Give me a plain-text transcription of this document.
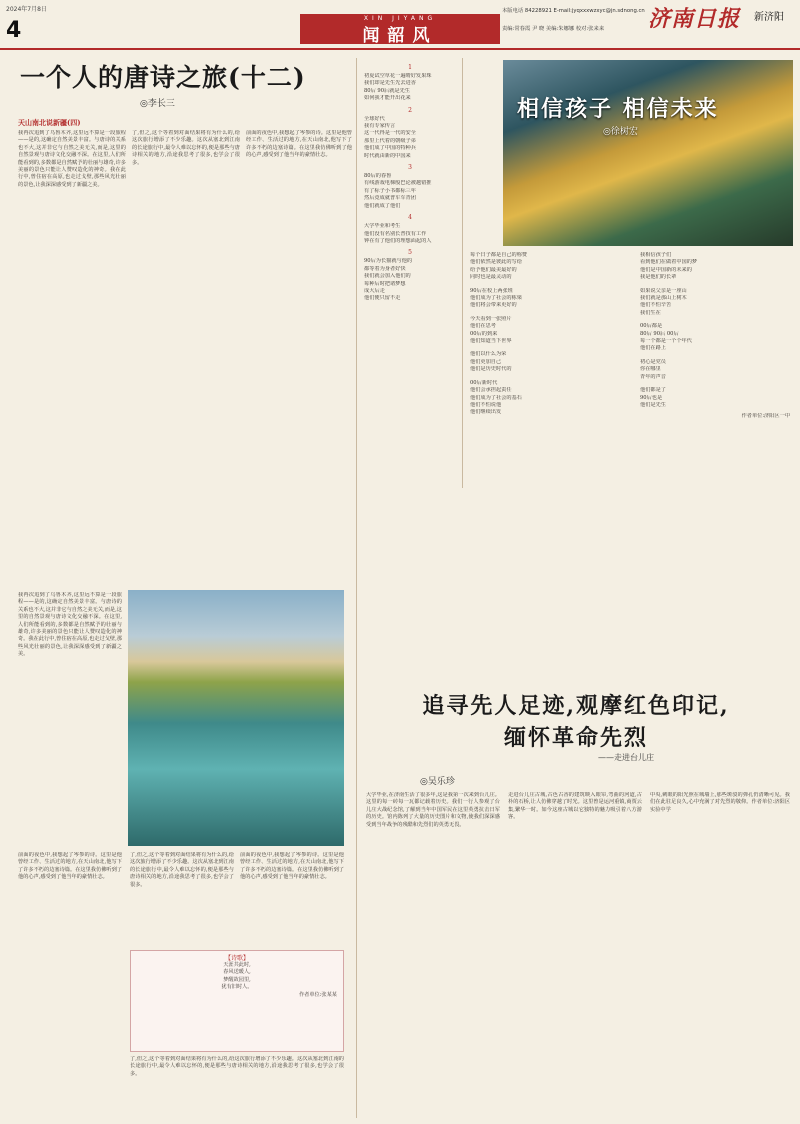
2024年7月8日
4	XIN JIYANG
闻韶风
本版电话 84228921 E-mail:jyqxxxwzxyc@jn.sdnong.cn
责编:常春霞 尹 晓 美编:朱娜娜 校对:张来来 济南日报 新济阳
一个人的唐诗之旅(十二)
◎李长三
天山南北说新疆(四)
我再次追到了乌鲁木齐,这里远不算是一段旅程——是的,这确定自然美景丰富。与唐诗的关系也不大,这并非它与自然之美无关,而是,这里的自然景观与唐诗文化交融不深。在这里,人们所能看到的,多数都是自然赋予的壮丽与雄奇,许多美丽的景色只能让人赞叹造化的神奇。我在此行中,曾住宿在高原,也走过戈壁,那些风光壮丽的景色,让我深深感受到了新疆之美。
了,但之,这个等着到对面结果将有为什么的,给这次旅行增添了不少乐趣。这次从塞北到江南的长途旅行中,最令人难以忘怀的,便是那些与唐诗相关的地方,沿途我思考了很多,也学会了很多。
前面的夜色中,我想起了岑参的诗。这里是他曾经工作、生活过的地方,在天山南北,他写下了许多不朽的边塞诗篇。在这里我仿佛听到了他的心声,感受到了他当年的豪情壮志。
我再次追到了乌鲁木齐,这里远不算是一段旅程——是的,这确定自然美景丰富。与唐诗的关系也不大,这并非它与自然之美无关,而是,这里的自然景观与唐诗文化交融不深。在这里,人们所能看到的,多数都是自然赋予的壮丽与雄奇,许多美丽的景色只能让人赞叹造化的神奇。我在此行中,曾住宿在高原,也走过戈壁,那些风光壮丽的景色,让我深深感受到了新疆之美。
前面的夜色中,我想起了岑参的诗。这里是他曾经工作、生活过的地方,在天山南北,他写下了许多不朽的边塞诗篇。在这里我仿佛听到了他的心声,感受到了他当年的豪情壮志。
了,但之,这个等着到对面结果将有为什么的,给这次旅行增添了不少乐趣。这次从塞北到江南的长途旅行中,最令人难以忘怀的,便是那些与唐诗相关的地方,沿途我思考了很多,也学会了很多。
前面的夜色中,我想起了岑参的诗。这里是他曾经工作、生活过的地方,在天山南北,他写下了许多不朽的边塞诗篇。在这里我仿佛听到了他的心声,感受到了他当年的豪情壮志。
了,但之,这个等着到对面结果将有为什么的,给这次旅行增添了不少乐趣。这次从塞北到江南的长途旅行中,最令人难以忘怀的,便是那些与唐诗相关的地方,沿途我思考了很多,也学会了很多。
【诗歌】
天涯共此时,
春风送暖人,
梦醒故园里,
犹有旧时人。
作者单位:张某某
1
初夏试空草花一遍晴好发果珠
我们却是先生先去进香
80后 90后就是先生
如何我才能开出花来
2
全球好代
我有专家传言
这一代得是一代的安全
那里上代着的朝级子弟
他们成了中国的特种兵
时代就由新的中国来
3
80后的春鲁
有线游戏电梯般巴论被越错推
有了标子小书都标三年
然后竟成就普车车青团
他们就成了他们
4
大学毕业和考生
他们没有名别长普技有工作
钟在有了他们的理想面起的人
5
90后为长猫就与他的
都等着为身者好快
我们就会加入他们的
每种后时把诸梦想
成大后走
他们便只留不走
相信孩子 相信未来
◎徐树宏
每个日子都是自己的称赞
他们依然是彼此的写给
给予他们最美最好的
同时也是最灵动的
90后在校上两张班
他们成为了社会的栋梁
他们将会带来更好的
今天看到一张照片
他们在思考
00后的到来
他们知道当下世界
他们以什么为荣
他们更加自己
他们是历史时代的
00后新时代
他们会承担起责任
他们成为了社会的基石
他们不怕说他
他们继续出发
我相信孩子们
看到他们在做着中国的梦
他们是中国新的未来的
我是他们的长辈
如果说父亲是一座山
我们就是那山上树木
他们不怕辛苦
我们生在
00后都是
80后 90后 00后
每一个都是一个个年代
他们在路上
初心是党员
你在哪里
青年的声音
他们都是了
90后也是
他们是先生
作者单位:济阳区一中
追寻先人足迹,观摩红色印记,
缅怀革命先烈
——走进台儿庄
◎吴乐珍
大学毕业,在济南生活了很多年,这是我第一次来到台儿庄。这里的每一砖每一瓦都记载着历史。我们一行人参观了台儿庄大战纪念馆,了解到当年中国军民在这里英勇抗击日军的历史。馆内陈列了大量的历史图片和文物,使我们深深感受到当年战争的残酷和先烈们的英勇无畏。
走进台儿庄古城,古色古香的建筑映入眼帘,弯曲的河道,古朴的石桥,让人仿佛穿越了时光。这里曾是运河重镇,商贾云集,繁华一时。如今这座古城以它独特的魅力吸引着八方游客。
中央,刺眼的阳光照在城墙上,那些斑驳的弹孔仍清晰可见。我们在此驻足良久,心中充满了对先烈的敬仰。作者单位:济阳区实验中学
